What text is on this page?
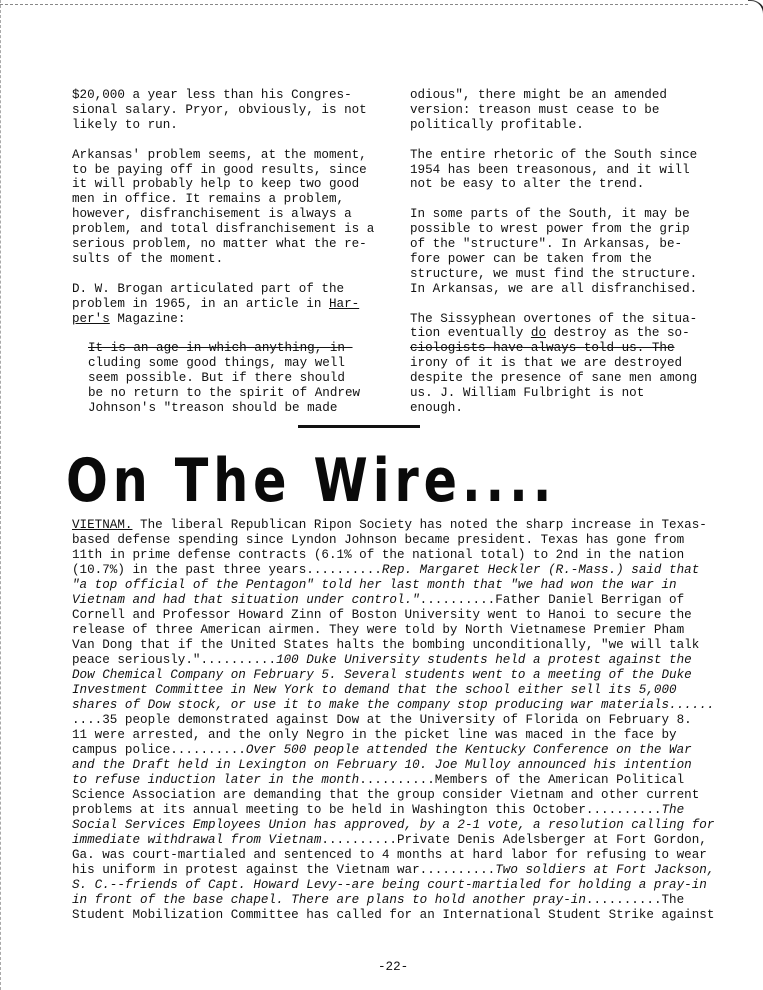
$20,000 a year less than his Congres-
sional salary. Pryor, obviously, is not
likely to run.

Arkansas' problem seems, at the moment,
to be paying off in good results, since
it will probably help to keep two good
men in office. It remains a problem,
however, disfranchisement is always a
problem, and total disfranchisement is a
serious problem, no matter what the re-
sults of the moment.

D. W. Brogan articulated part of the
problem in 1965, in an article in Har-
per's Magazine:

It is an age in which anything, in-
cluding some good things, may well
seem possible. But if there should
be no return to the spirit of Andrew
Johnson's "treason should be made

odious", there might be an amended
version: treason must cease to be
politically profitable.

The entire rhetoric of the South since
1954 has been treasonous, and it will
not be easy to alter the trend.

In some parts of the South, it may be
possible to wrest power from the grip
of the "structure". In Arkansas, be-
fore power can be taken from the
structure, we must find the structure.
In Arkansas, we are all disfranchised.

The Sissyphean overtones of the situa-
tion eventually do destroy as the so-
ciologists have always told us. The
irony of it is that we are destroyed
despite the presence of sane men among
us. J. William Fulbright is not
enough.

On The Wire....
VIETNAM. The liberal Republican Ripon Society has noted the sharp increase in Texas-
based defense spending since Lyndon Johnson became president. Texas has gone from
11th in prime defense contracts (6.1% of the national total) to 2nd in the nation
(10.7%) in the past three years..........Rep. Margaret Heckler (R.-Mass.) said that
"a top official of the Pentagon" told her last month that "we had won the war in
Vietnam and had that situation under control."..........Father Daniel Berrigan of
Cornell and Professor Howard Zinn of Boston University went to Hanoi to secure the
release of three American airmen. They were told by North Vietnamese Premier Pham
Van Dong that if the United States halts the bombing unconditionally, "we will talk
peace seriously."..........100 Duke University students held a protest against the
Dow Chemical Company on February 5. Several students went to a meeting of the Duke
Investment Committee in New York to demand that the school either sell its 5,000
shares of Dow stock, or use it to make the company stop producing war materials......
....35 people demonstrated against Dow at the University of Florida on February 8.
11 were arrested, and the only Negro in the picket line was maced in the face by
campus police..........Over 500 people attended the Kentucky Conference on the War
and the Draft held in Lexington on February 10. Joe Mulloy announced his intention
to refuse induction later in the month..........Members of the American Political
Science Association are demanding that the group consider Vietnam and other current
problems at its annual meeting to be held in Washington this October..........The
Social Services Employees Union has approved, by a 2-1 vote, a resolution calling for
immediate withdrawal from Vietnam..........Private Denis Adelsberger at Fort Gordon,
Ga. was court-martialed and sentenced to 4 months at hard labor for refusing to wear
his uniform in protest against the Vietnam war..........Two soldiers at Fort Jackson,
S. C.--friends of Capt. Howard Levy--are being court-martialed for holding a pray-in
in front of the base chapel. There are plans to hold another pray-in..........The
Student Mobilization Committee has called for an International Student Strike against
-22-
